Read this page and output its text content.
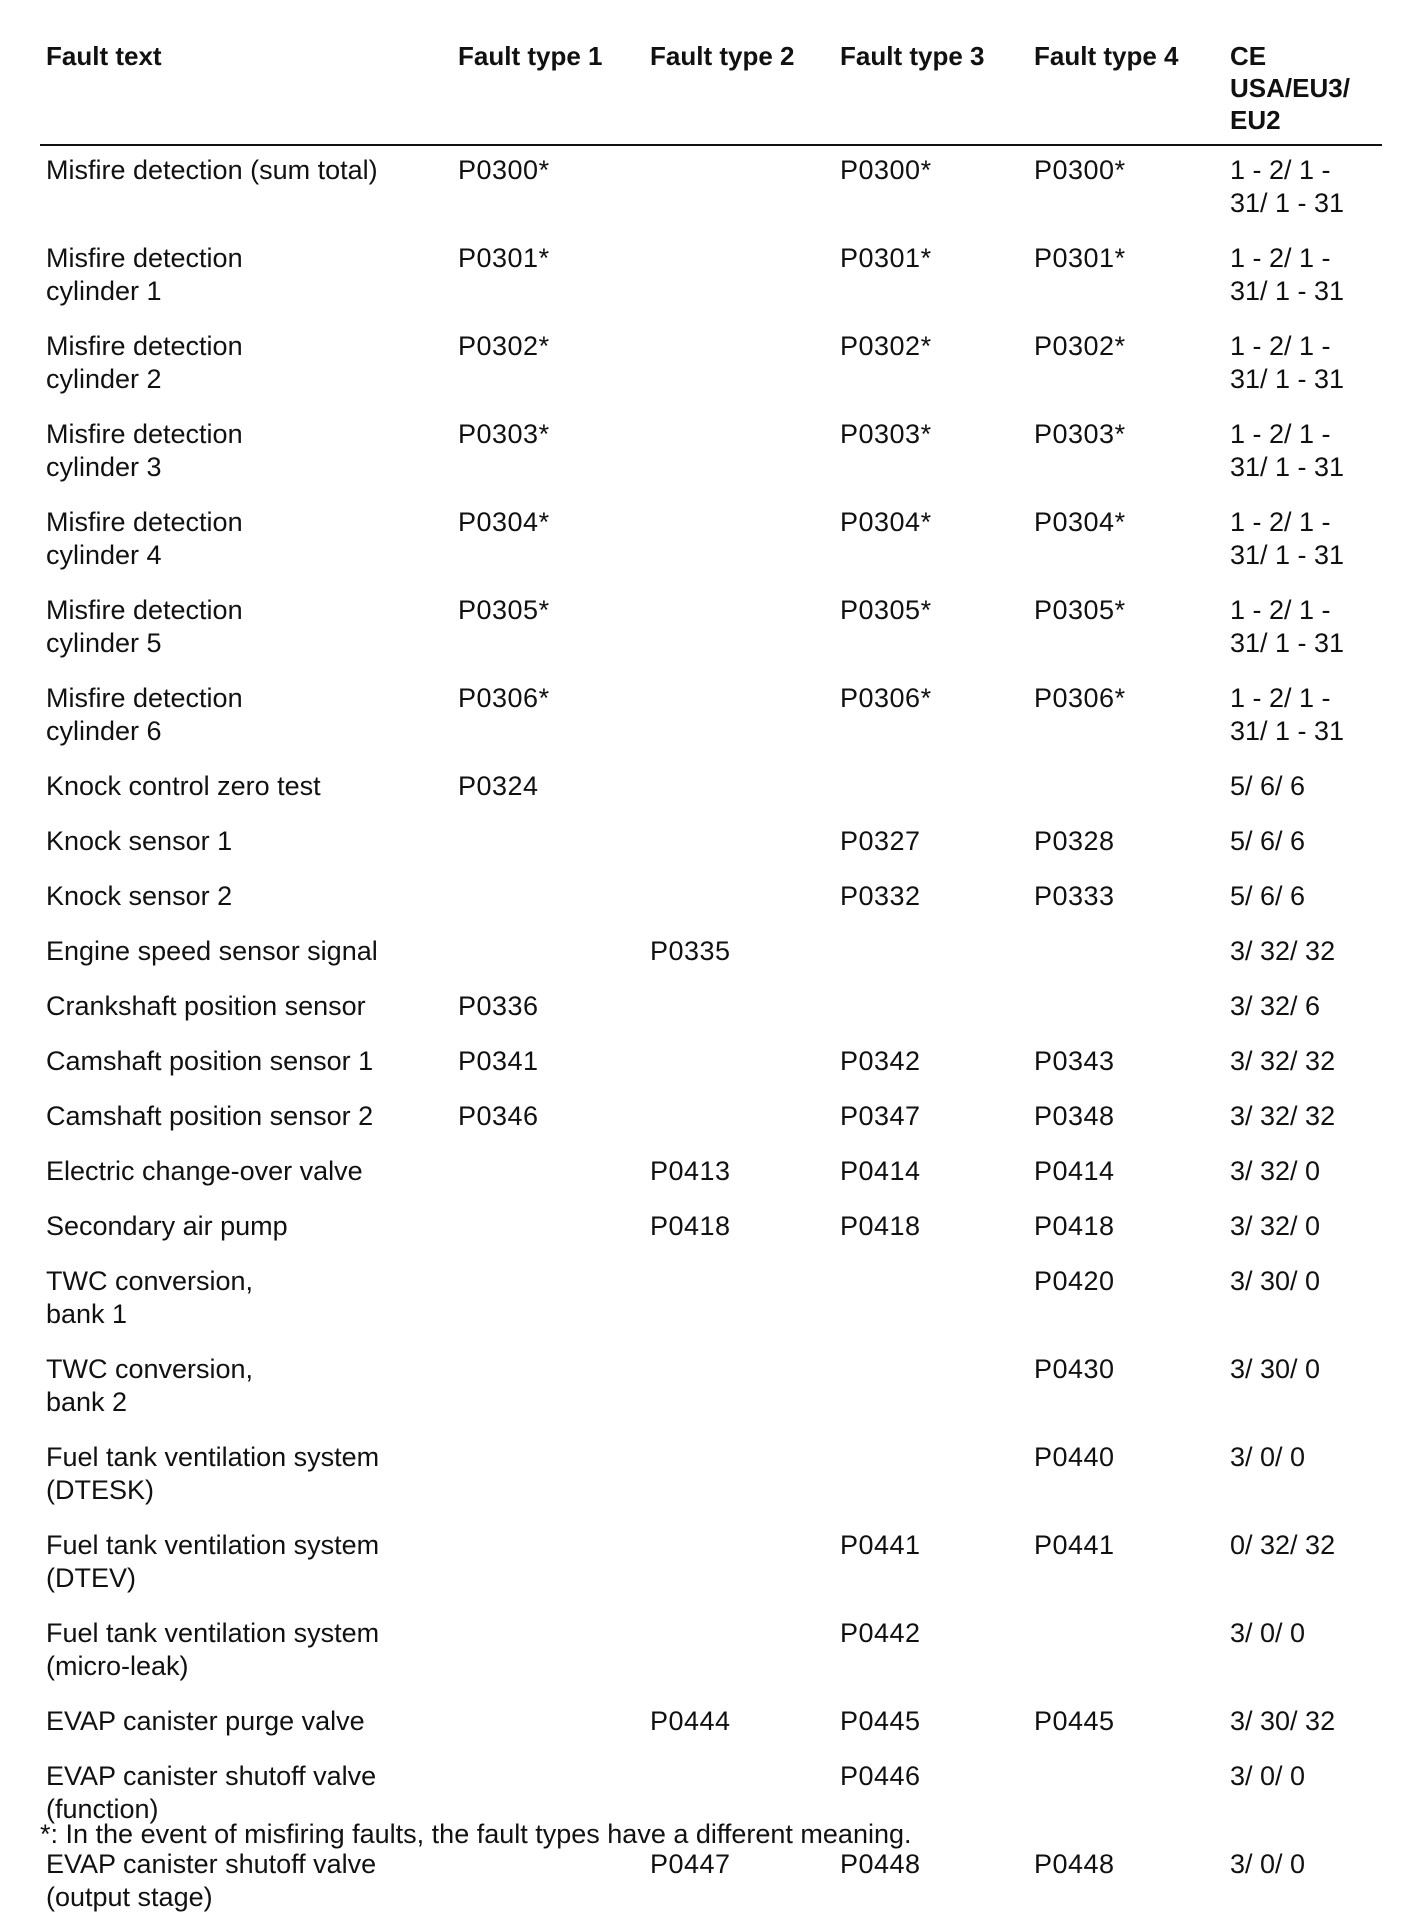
Fault text	Fault type 1	Fault type 2	Fault type 3	Fault type 4	CE
USA/EU3/
EU2

Misfire detection (sum total)	P0300*		P0300*	P0300*	1 - 2/ 1 -
31/ 1 - 31

Misfire detection
cylinder 1	P0301*		P0301*	P0301*	1 - 2/ 1 -
31/ 1 - 31

Misfire detection
cylinder 2	P0302*		P0302*	P0302*	1 - 2/ 1 -
31/ 1 - 31

Misfire detection
cylinder 3	P0303*		P0303*	P0303*	1 - 2/ 1 -
31/ 1 - 31

Misfire detection
cylinder 4	P0304*		P0304*	P0304*	1 - 2/ 1 -
31/ 1 - 31

Misfire detection
cylinder 5	P0305*		P0305*	P0305*	1 - 2/ 1 -
31/ 1 - 31

Misfire detection
cylinder 6	P0306*		P0306*	P0306*	1 - 2/ 1 -
31/ 1 - 31

Knock control zero test	P0324				5/ 6/ 6

Knock sensor 1			P0327	P0328	5/ 6/ 6

Knock sensor 2			P0332	P0333	5/ 6/ 6

Engine speed sensor signal		P0335			3/ 32/ 32

Crankshaft position sensor	P0336				3/ 32/ 6

Camshaft position sensor 1	P0341		P0342	P0343	3/ 32/ 32

Camshaft position sensor 2	P0346		P0347	P0348	3/ 32/ 32

Electric change-over valve		P0413	P0414	P0414	3/ 32/ 0

Secondary air pump		P0418	P0418	P0418	3/ 32/ 0

TWC conversion,
bank 1				P0420	3/ 30/ 0

TWC conversion,
bank 2				P0430	3/ 30/ 0

Fuel tank ventilation system
(DTESK)				P0440	3/ 0/ 0

Fuel tank ventilation system
(DTEV)			P0441	P0441	0/ 32/ 32

Fuel tank ventilation system
(micro-leak)			P0442		3/ 0/ 0

EVAP canister purge valve		P0444	P0445	P0445	3/ 30/ 32

EVAP canister shutoff valve
(function)			P0446		3/ 0/ 0

EVAP canister shutoff valve
(output stage)		P0447	P0448	P0448	3/ 0/ 0
*: In the event of misfiring faults, the fault types have a different meaning.
